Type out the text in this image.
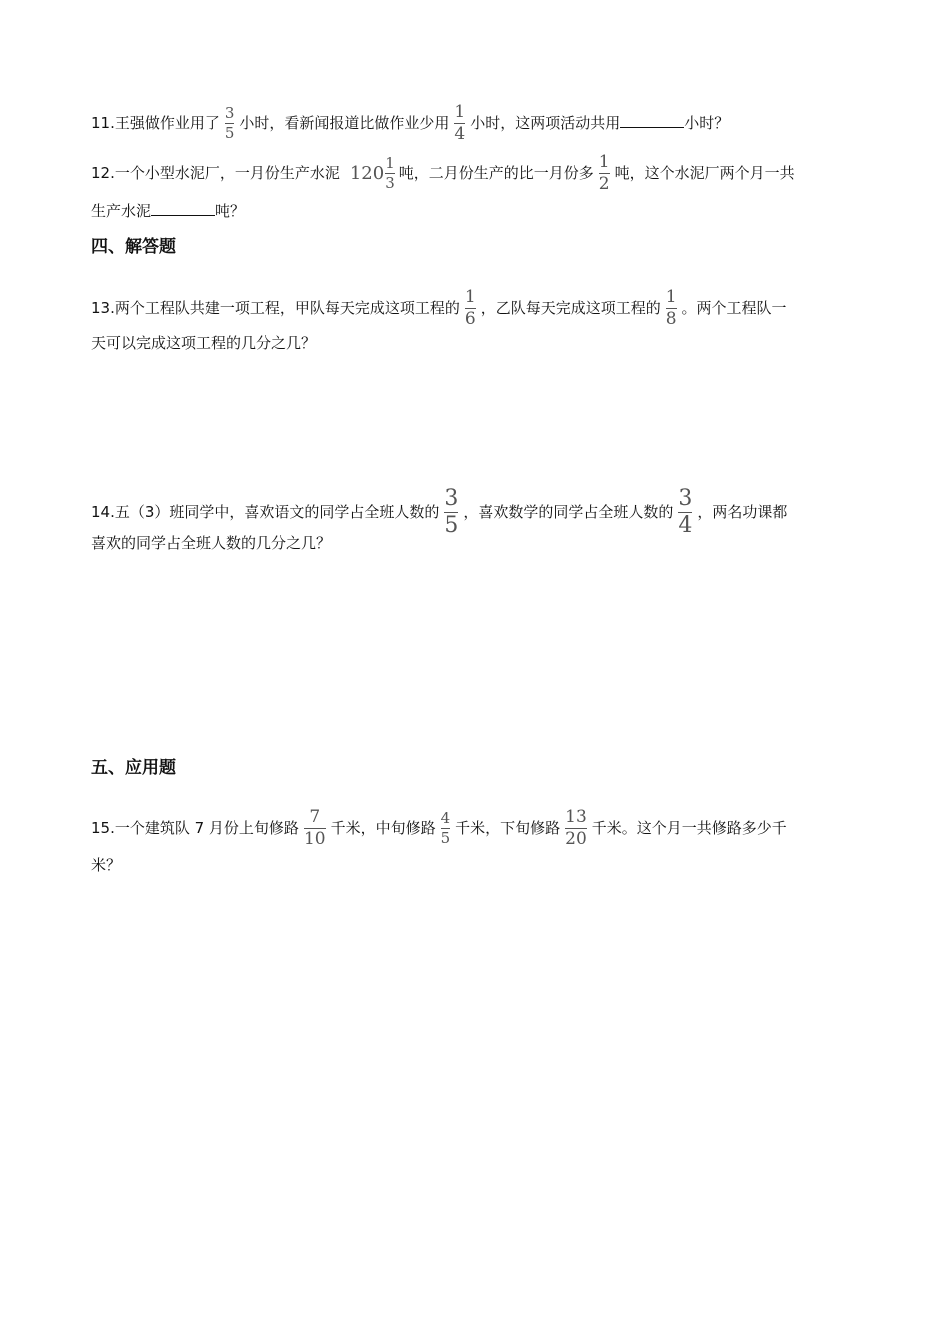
11.王强做作业用了 $\frac{3}{5}$ 小时，看新闻报道比做作业少用 $\frac{1}{4}$ 小时，这两项活动共用	小时？
12.一个小型水泥厂，一月份生产水泥 $120 \frac{1}{3}$ 吨，二月份生产的比一月份多 $\frac{1}{2}$ 吨，这个水泥厂两个月一共
生产水泥	吨？
四、解答题
13.两个工程队共建一项工程，甲队每天完成这项工程的 $\frac{1}{6}$ ，乙队每天完成这项工程的 $\frac{1}{8}$ 。两个工程队一
天可以完成这项工程的几分之几？
14.五（3）班同学中，喜欢语文的同学占全班人数的 $\frac{3}{5}$ ，喜欢数学的同学占全班人数的 $\frac{3}{4}$ ，两名功课都
喜欢的同学占全班人数的几分之几？
五、应用题
15.一个建筑队 7 月份上旬修路 $\frac{7}{10}$ 千米，中旬修路 $\frac{4}{5}$ 千米，下旬修路 $\frac{13}{20}$ 千米。这个月一共修路多少千
米？
